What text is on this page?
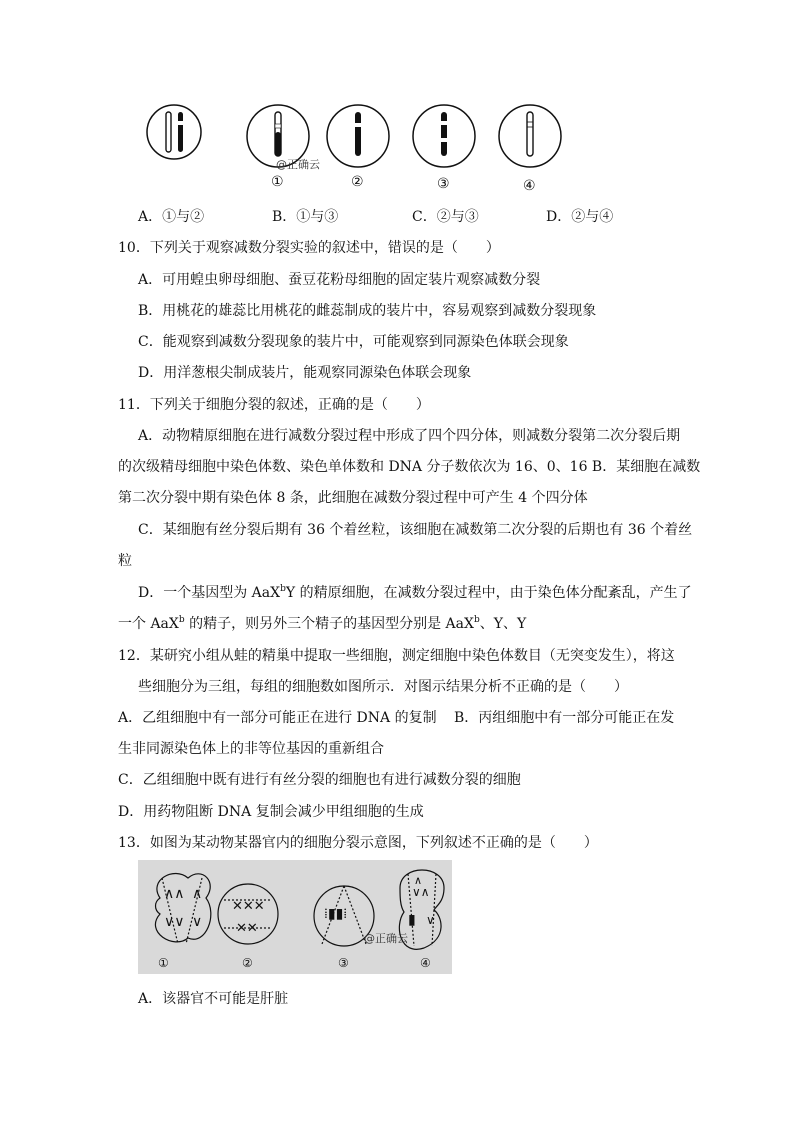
@正确云
①	②	③	④
A．①与②	B．①与③	C．②与③	D．②与④
10．下列关于观察减数分裂实验的叙述中，错误的是（　　）
A．可用蝗虫卵母细胞、蚕豆花粉母细胞的固定装片观察减数分裂
B．用桃花的雄蕊比用桃花的雌蕊制成的装片中，容易观察到减数分裂现象
C．能观察到减数分裂现象的装片中，可能观察到同源染色体联会现象
D．用洋葱根尖制成装片，能观察同源染色体联会现象
11．下列关于细胞分裂的叙述，正确的是（　　）
A．动物精原细胞在进行减数分裂过程中形成了四个四分体，则减数分裂第二次分裂后期
的次级精母细胞中染色体数、染色单体数和 DNA 分子数依次为 16、0、16 B．某细胞在减数
第二次分裂中期有染色体 8 条，此细胞在减数分裂过程中可产生 4 个四分体
C．某细胞有丝分裂后期有 36 个着丝粒，该细胞在减数第二次分裂的后期也有 36 个着丝
粒
D．一个基因型为 AaX$^b$Y 的精原细胞，在减数分裂过程中，由于染色体分配紊乱，产生了
一个 AaX$^b$ 的精子，则另外三个精子的基因型分别是 AaX$^b$、Y、Y
12．某研究小组从蛙的精巢中提取一些细胞，测定细胞中染色体数目（无突变发生），将这
些细胞分为三组，每组的细胞数如图所示．对图示结果分析不正确的是（　　）
A．乙组细胞中有一部分可能正在进行 DNA 的复制 B．丙组细胞中有一部分可能正在发
生非同源染色体上的非等位基因的重新组合
C．乙组细胞中既有进行有丝分裂的细胞也有进行减数分裂的细胞
D．用药物阻断 DNA 复制会减少甲组细胞的生成
13．如图为某动物某器官内的细胞分裂示意图，下列叙述不正确的是（　　）
∧∧ ∧
∨∨ ∨
✕✕✕
✕✕
⁞▮▮⁞
∧
∨∧
▮ ∨
@正确云
①	②	③	④
A．该器官不可能是肝脏
